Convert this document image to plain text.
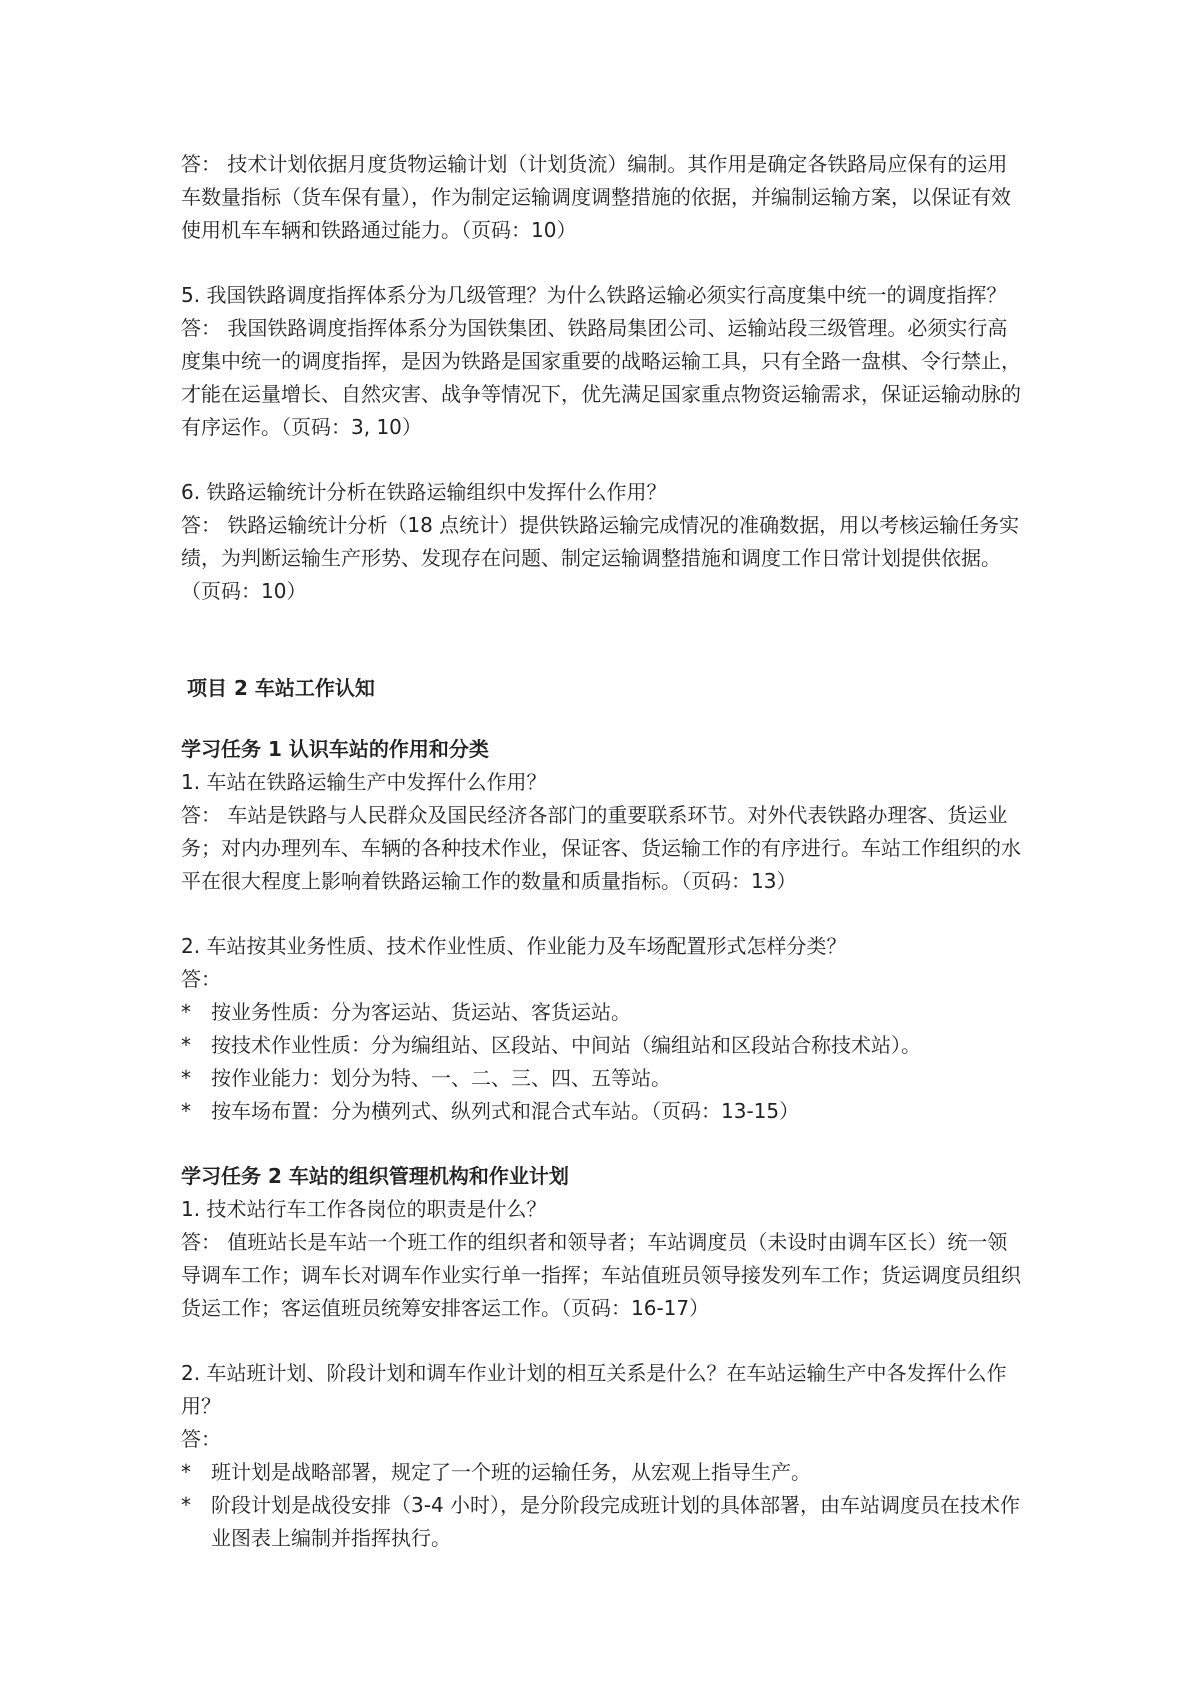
答： 技术计划依据月度货物运输计划（计划货流）编制。其作用是确定各铁路局应保有的运用车数量指标（货车保有量），作为制定运输调度调整措施的依据，并编制运输方案，以保证有效使用机车车辆和铁路通过能力。（页码：10）

5. 我国铁路调度指挥体系分为几级管理？为什么铁路运输必须实行高度集中统一的调度指挥？

答： 我国铁路调度指挥体系分为国铁集团、铁路局集团公司、运输站段三级管理。必须实行高度集中统一的调度指挥，是因为铁路是国家重要的战略运输工具，只有全路一盘棋、令行禁止，才能在运量增长、自然灾害、战争等情况下，优先满足国家重点物资运输需求，保证运输动脉的有序运作。（页码：3, 10）

6. 铁路运输统计分析在铁路运输组织中发挥什么作用？

答： 铁路运输统计分析（18 点统计）提供铁路运输完成情况的准确数据，用以考核运输任务实绩，为判断运输生产形势、发现存在问题、制定运输调整措施和调度工作日常计划提供依据。（页码：10）

项目 2 车站工作认知

学习任务 1 认识车站的作用和分类

1. 车站在铁路运输生产中发挥什么作用？

答： 车站是铁路与人民群众及国民经济各部门的重要联系环节。对外代表铁路办理客、货运业务；对内办理列车、车辆的各种技术作业，保证客、货运输工作的有序进行。车站工作组织的水平在很大程度上影响着铁路运输工作的数量和质量指标。（页码：13）

2. 车站按其业务性质、技术作业性质、作业能力及车场配置形式怎样分类？

答：

*	按业务性质：分为客运站、货运站、客货运站。
*	按技术作业性质：分为编组站、区段站、中间站（编组站和区段站合称技术站）。
*	按作业能力：划分为特、一、二、三、四、五等站。
*	按车场布置：分为横列式、纵列式和混合式车站。（页码：13-15）

学习任务 2 车站的组织管理机构和作业计划

1. 技术站行车工作各岗位的职责是什么？

答： 值班站长是车站一个班工作的组织者和领导者；车站调度员（未设时由调车区长）统一领导调车工作；调车长对调车作业实行单一指挥；车站值班员领导接发列车工作；货运调度员组织货运工作；客运值班员统筹安排客运工作。（页码：16-17）

2. 车站班计划、阶段计划和调车作业计划的相互关系是什么？在车站运输生产中各发挥什么作用？

答：

*	班计划是战略部署，规定了一个班的运输任务，从宏观上指导生产。
*	阶段计划是战役安排（3-4 小时），是分阶段完成班计划的具体部署，由车站调度员在技术作业图表上编制并指挥执行。
